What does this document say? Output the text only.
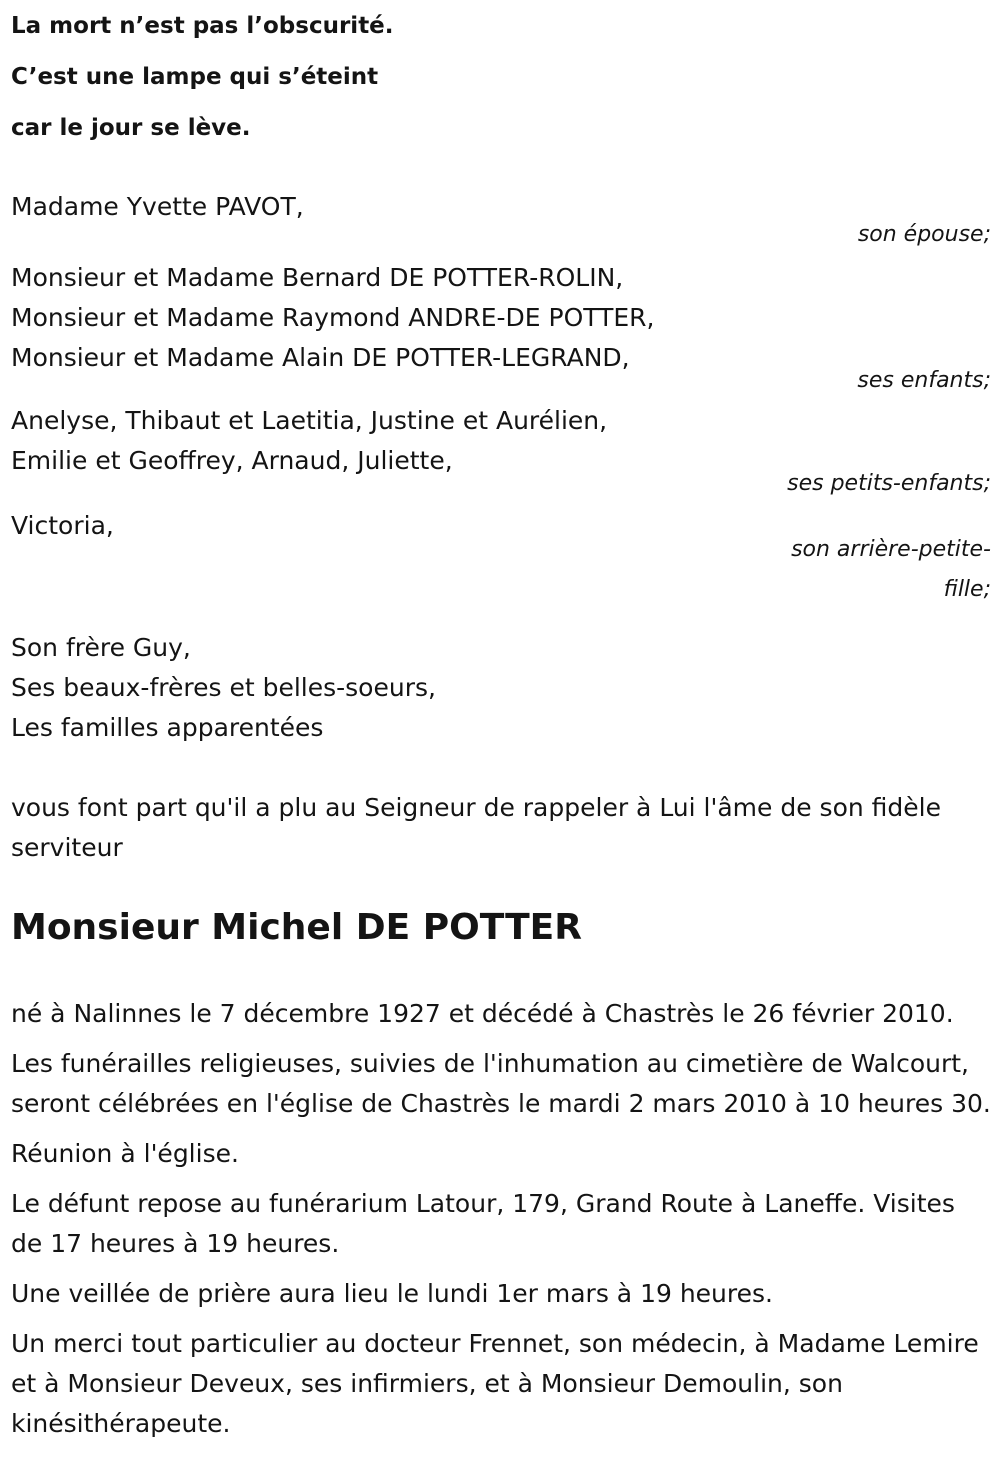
La mort n’est pas l’obscurité.
C’est une lampe qui s’éteint
car le jour se lève.
Madame Yvette PAVOT,
son épouse;
Monsieur et Madame Bernard DE POTTER-ROLIN,
Monsieur et Madame Raymond ANDRE-DE POTTER,
Monsieur et Madame Alain DE POTTER-LEGRAND,
ses enfants;
Anelyse, Thibaut et Laetitia, Justine et Aurélien,
Emilie et Geoffrey, Arnaud, Juliette,
ses petits-enfants;
Victoria,
son arrière-petite-fille;
Son frère Guy,
Ses beaux-frères et belles-soeurs,
Les familles apparentées
vous font part qu'il a plu au Seigneur de rappeler à Lui l'âme de son fidèle serviteur
Monsieur Michel DE POTTER

né à Nalinnes le 7 décembre 1927 et décédé à Chastrès le 26 février 2010.

Les funérailles religieuses, suivies de l'inhumation au cimetière de Walcourt, seront célébrées en l'église de Chastrès le mardi 2 mars 2010 à 10 heures 30.

Réunion à l'église.

Le défunt repose au funérarium Latour, 179, Grand Route à Laneffe. Visites de 17 heures à 19 heures.

Une veillée de prière aura lieu le lundi 1er mars à 19 heures.

Un merci tout particulier au docteur Frennet, son médecin, à Madame Lemire et à Monsieur Deveux, ses infirmiers, et à Monsieur Demoulin, son kinésithérapeute.
